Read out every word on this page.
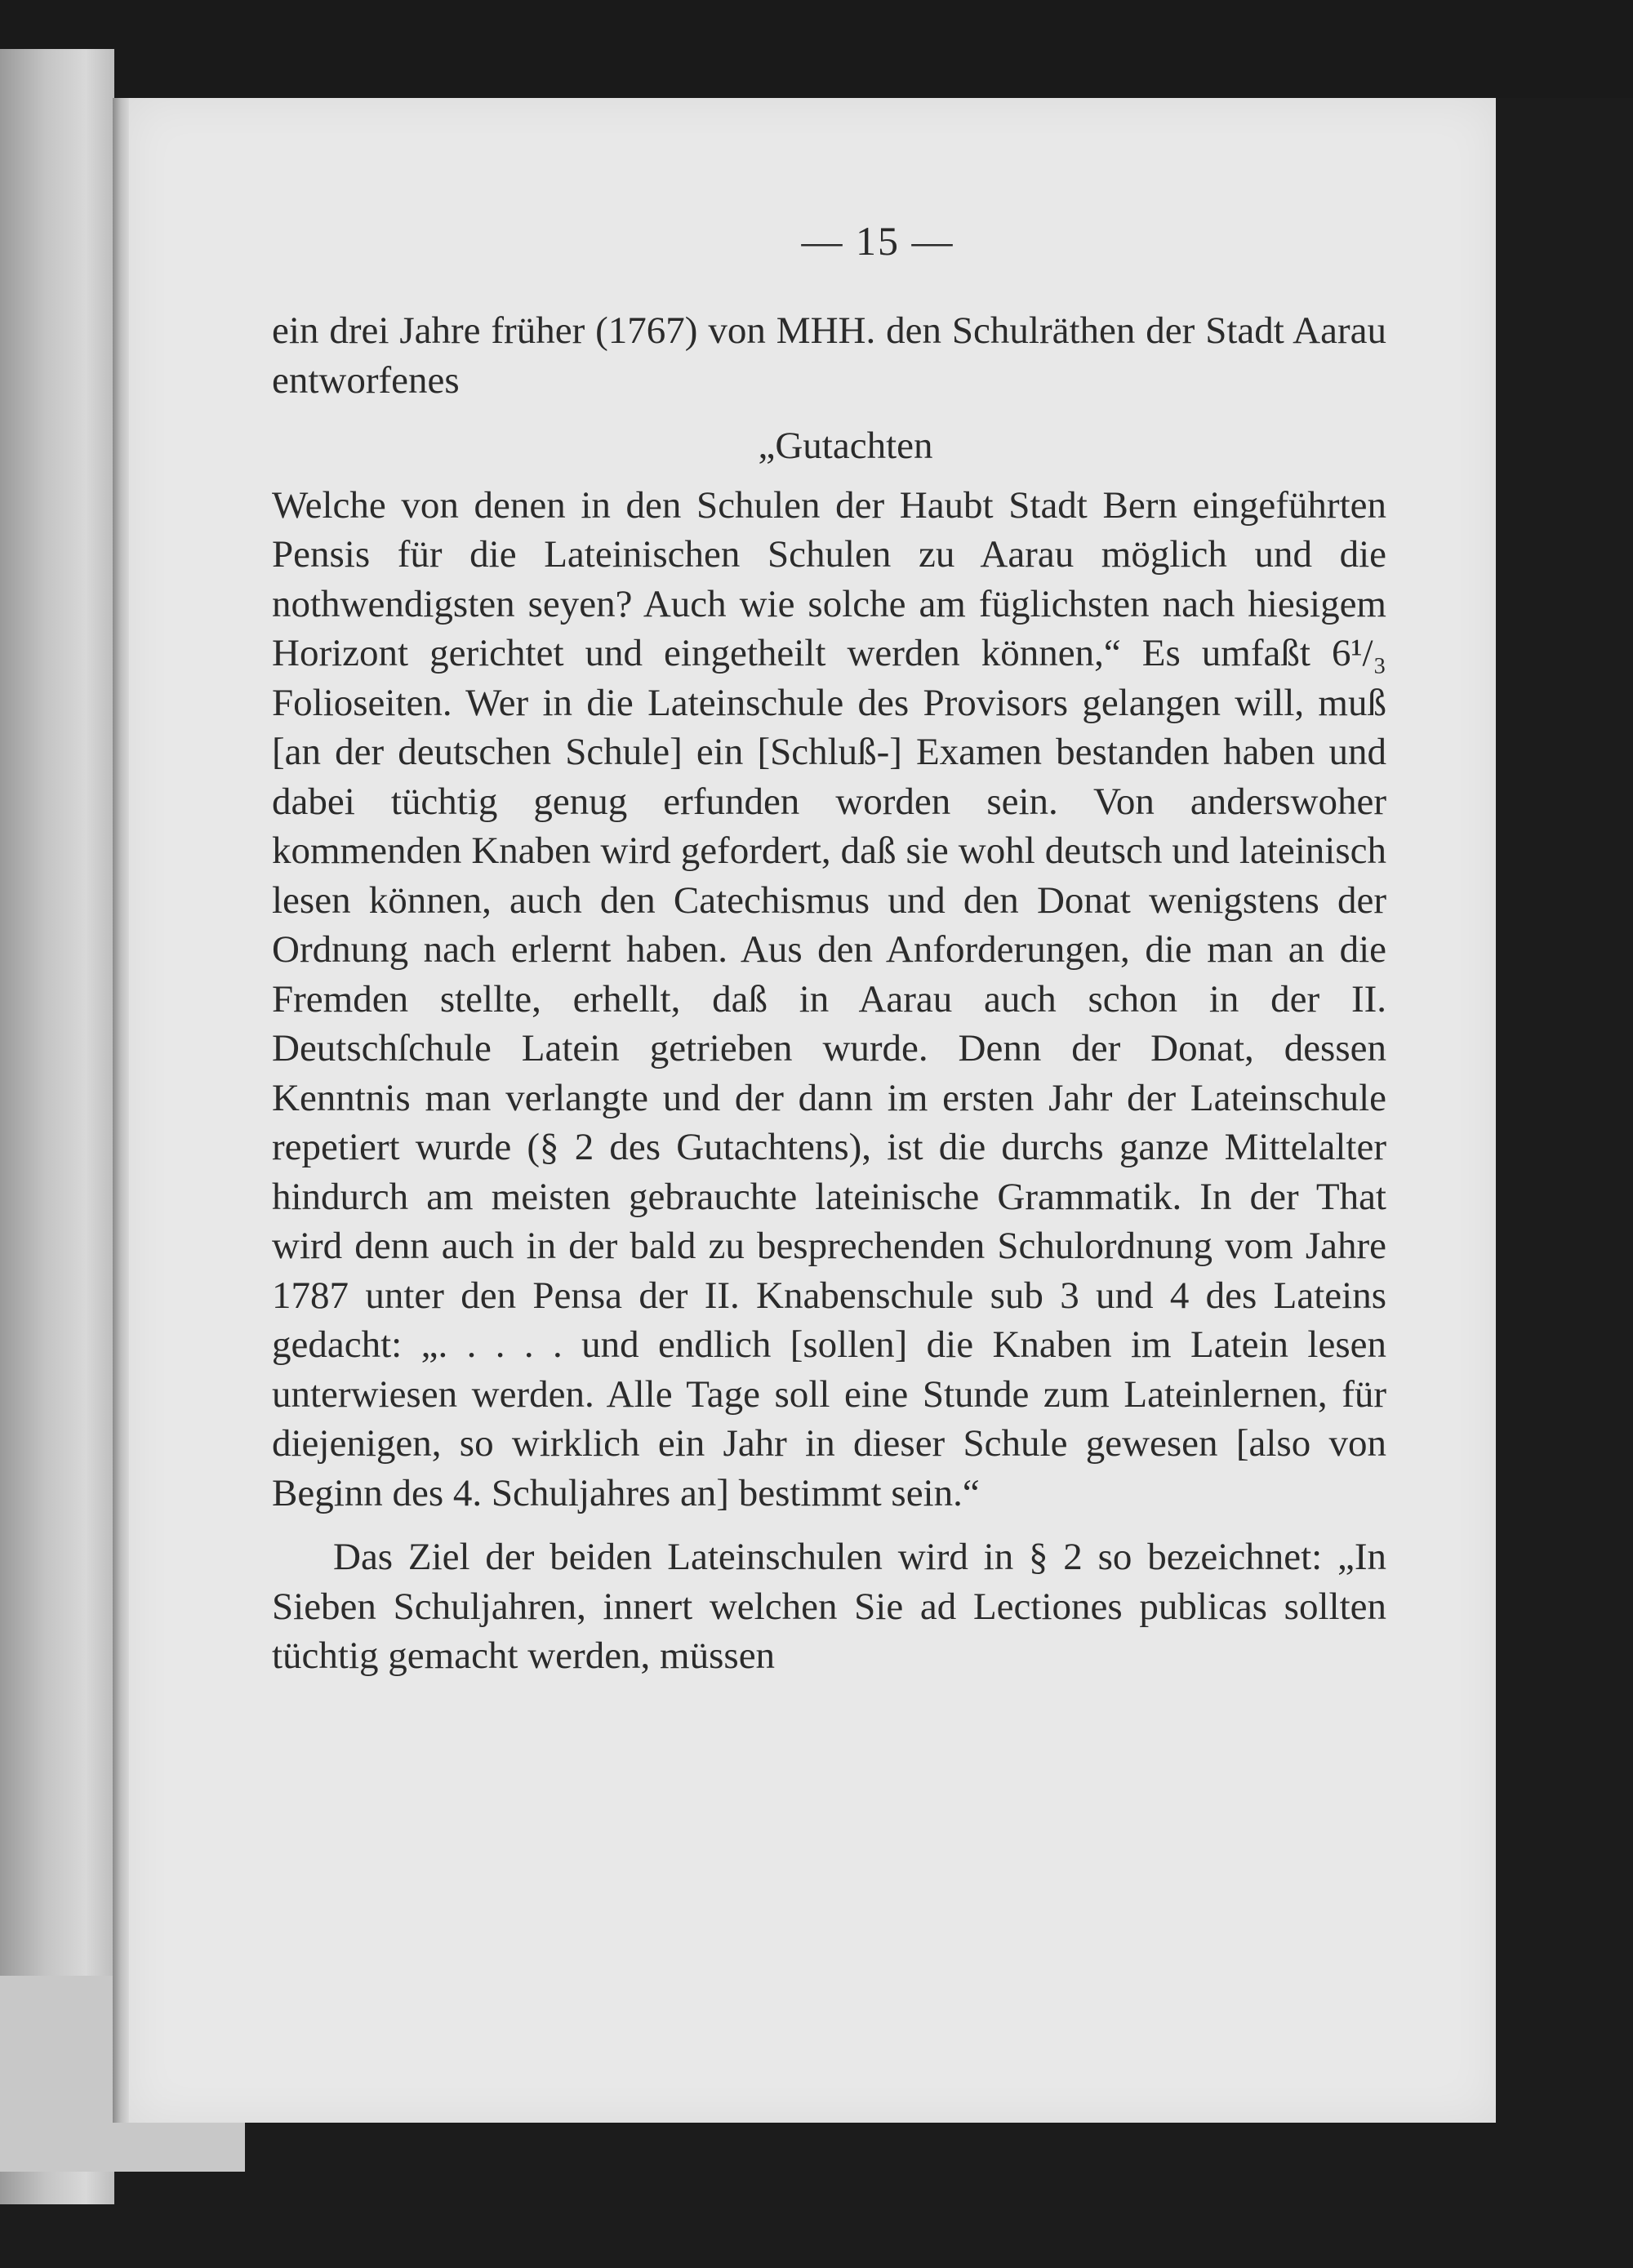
— 15 —

ein drei Jahre früher (1767) von MHH. den Schulräthen der Stadt Aarau entworfenes

„Gutachten

Welche von denen in den Schulen der Haubt Stadt Bern eingeführten Pensis für die Lateinischen Schulen zu Aarau möglich und die nothwendigsten seyen? Auch wie solche am füglichsten nach hiesigem Horizont gerichtet und eingetheilt werden können,“ Es umfaßt 6¹/₃ Folioseiten. Wer in die Lateinschule des Provisors gelangen will, muß [an der deutschen Schule] ein [Schluß-] Examen bestanden haben und dabei tüchtig genug erfunden worden sein. Von anderswoher kommenden Knaben wird gefordert, daß sie wohl deutsch und lateinisch lesen können, auch den Catechismus und den Donat wenigstens der Ordnung nach erlernt haben. Aus den Anforderungen, die man an die Fremden stellte, erhellt, daß in Aarau auch schon in der II. Deutschſchule Latein getrieben wurde. Denn der Donat, dessen Kenntnis man verlangte und der dann im ersten Jahr der Lateinschule repetiert wurde (§ 2 des Gutachtens), ist die durchs ganze Mittelalter hindurch am meisten gebrauchte lateinische Grammatik. In der That wird denn auch in der bald zu besprechenden Schulordnung vom Jahre 1787 unter den Pensa der II. Knabenschule sub 3 und 4 des Lateins gedacht: „. . . . . und endlich [sollen] die Knaben im Latein lesen unterwiesen werden. Alle Tage soll eine Stunde zum Lateinlernen, für diejenigen, so wirklich ein Jahr in dieser Schule gewesen [also von Beginn des 4. Schuljahres an] bestimmt sein.“

Das Ziel der beiden Lateinschulen wird in § 2 so bezeichnet: „In Sieben Schuljahren, innert welchen Sie ad Lectiones publicas sollten tüchtig gemacht werden, müssen
